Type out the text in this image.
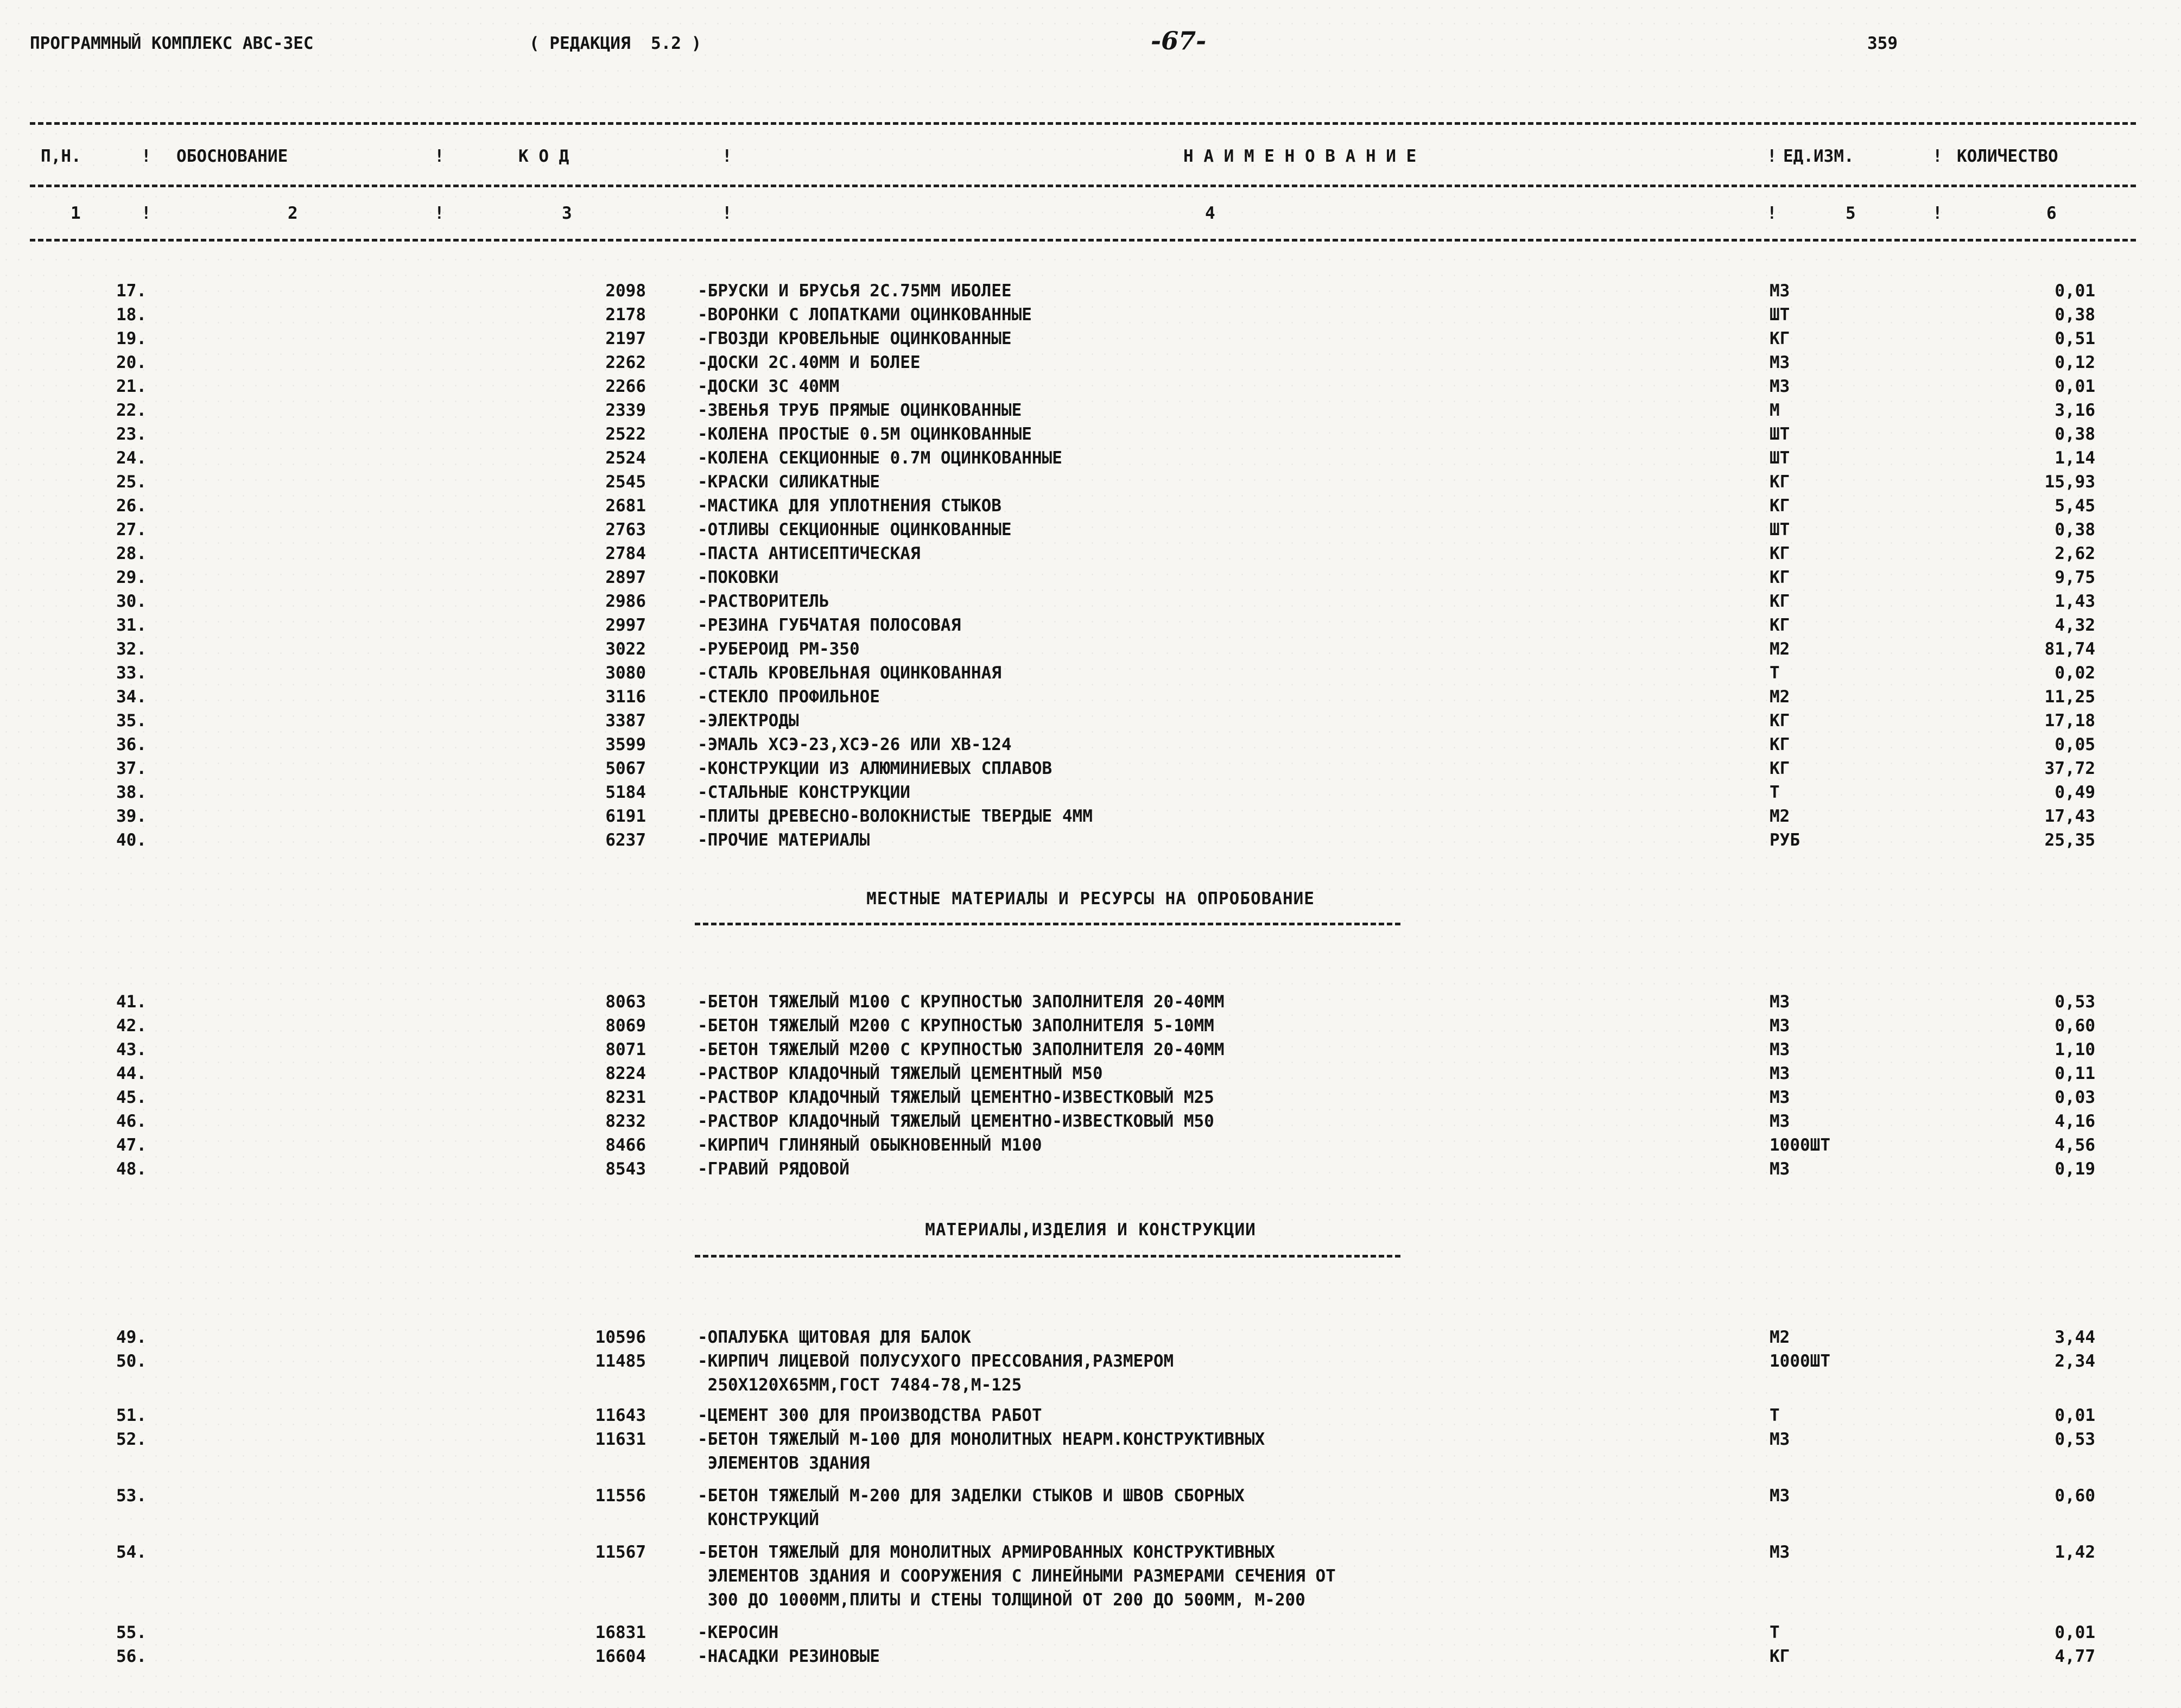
ПРОГРАММНЫЙ КОМПЛЕКС АВС-ЗЕС	( РЕДАКЦИЯ  5.2 )	-67-	359
П,Н.	! ОБОСНОВАНИЕ	!	К О Д	!	Н А И М Е Н О В А Н И Е	! ЕД.ИЗМ.	! КОЛИЧЕСТВО
1	!	2	!	3	!	4	!	5	!	6
17.	2098	-БРУСКИ И БРУСЬЯ 2С.75ММ ИБОЛЕЕ	М3	0,01
18.	2178	-ВОРОНКИ С ЛОПАТКАМИ ОЦИНКОВАННЫЕ	ШТ	0,38
19.	2197	-ГВОЗДИ КРОВЕЛЬНЫЕ ОЦИНКОВАННЫЕ	КГ	0,51
20.	2262	-ДОСКИ 2С.40ММ И БОЛЕЕ	М3	0,12
21.	2266	-ДОСКИ 3С 40ММ	М3	0,01
22.	2339	-ЗВЕНЬЯ ТРУБ ПРЯМЫЕ ОЦИНКОВАННЫЕ	М	3,16
23.	2522	-КОЛЕНА ПРОСТЫЕ 0.5М ОЦИНКОВАННЫЕ	ШТ	0,38
24.	2524	-КОЛЕНА СЕКЦИОННЫЕ 0.7М ОЦИНКОВАННЫЕ	ШТ	1,14
25.	2545	-КРАСКИ СИЛИКАТНЫЕ	КГ	15,93
26.	2681	-МАСТИКА ДЛЯ УПЛОТНЕНИЯ СТЫКОВ	КГ	5,45
27.	2763	-ОТЛИВЫ СЕКЦИОННЫЕ ОЦИНКОВАННЫЕ	ШТ	0,38
28.	2784	-ПАСТА АНТИСЕПТИЧЕСКАЯ	КГ	2,62
29.	2897	-ПОКОВКИ	КГ	9,75
30.	2986	-РАСТВОРИТЕЛЬ	КГ	1,43
31.	2997	-РЕЗИНА ГУБЧАТАЯ ПОЛОСОВАЯ	КГ	4,32
32.	3022	-РУБЕРОИД РМ-350	М2	81,74
33.	3080	-СТАЛЬ КРОВЕЛЬНАЯ ОЦИНКОВАННАЯ	Т	0,02
34.	3116	-СТЕКЛО ПРОФИЛЬНОЕ	М2	11,25
35.	3387	-ЭЛЕКТРОДЫ	КГ	17,18
36.	3599	-ЭМАЛЬ ХСЭ-23,ХСЭ-26 ИЛИ ХВ-124	КГ	0,05
37.	5067	-КОНСТРУКЦИИ ИЗ АЛЮМИНИЕВЫХ СПЛАВОВ	КГ	37,72
38.	5184	-СТАЛЬНЫЕ КОНСТРУКЦИИ	Т	0,49
39.	6191	-ПЛИТЫ ДРЕВЕСНО-ВОЛОКНИСТЫЕ ТВЕРДЫЕ 4ММ	М2	17,43
40.	6237	-ПРОЧИЕ МАТЕРИАЛЫ	РУБ	25,35
МЕСТНЫЕ МАТЕРИАЛЫ И РЕСУРСЫ НА ОПРОБОВАНИЕ
41.	8063	-БЕТОН ТЯЖЕЛЫЙ М100 С КРУПНОСТЬЮ ЗАПОЛНИТЕЛЯ 20-40ММ	М3	0,53
42.	8069	-БЕТОН ТЯЖЕЛЫЙ М200 С КРУПНОСТЬЮ ЗАПОЛНИТЕЛЯ 5-10ММ	М3	0,60
43.	8071	-БЕТОН ТЯЖЕЛЫЙ М200 С КРУПНОСТЬЮ ЗАПОЛНИТЕЛЯ 20-40ММ	М3	1,10
44.	8224	-РАСТВОР КЛАДОЧНЫЙ ТЯЖЕЛЫЙ ЦЕМЕНТНЫЙ М50	М3	0,11
45.	8231	-РАСТВОР КЛАДОЧНЫЙ ТЯЖЕЛЫЙ ЦЕМЕНТНО-ИЗВЕСТКОВЫЙ М25	М3	0,03
46.	8232	-РАСТВОР КЛАДОЧНЫЙ ТЯЖЕЛЫЙ ЦЕМЕНТНО-ИЗВЕСТКОВЫЙ М50	М3	4,16
47.	8466	-КИРПИЧ ГЛИНЯНЫЙ ОБЫКНОВЕННЫЙ М100	1000ШТ	4,56
48.	8543	-ГРАВИЙ РЯДОВОЙ	М3	0,19
МАТЕРИАЛЫ,ИЗДЕЛИЯ И КОНСТРУКЦИИ
49.	10596	-ОПАЛУБКА ЩИТОВАЯ ДЛЯ БАЛОК	М2	3,44
50.	11485	-КИРПИЧ ЛИЦЕВОЙ ПОЛУСУХОГО ПРЕССОВАНИЯ,РАЗМЕРОМ	1000ШТ	2,34
250Х120Х65ММ,ГОСТ 7484-78,М-125
51.	11643	-ЦЕМЕНТ 300 ДЛЯ ПРОИЗВОДСТВА РАБОТ	Т	0,01
52.	11631	-БЕТОН ТЯЖЕЛЫЙ М-100 ДЛЯ МОНОЛИТНЫХ НЕАРМ.КОНСТРУКТИВНЫХ	М3	0,53
ЭЛЕМЕНТОВ ЗДАНИЯ
53.	11556	-БЕТОН ТЯЖЕЛЫЙ М-200 ДЛЯ ЗАДЕЛКИ СТЫКОВ И ШВОВ СБОРНЫХ	М3	0,60
КОНСТРУКЦИЙ
54.	11567	-БЕТОН ТЯЖЕЛЫЙ ДЛЯ МОНОЛИТНЫХ АРМИРОВАННЫХ КОНСТРУКТИВНЫХ	М3	1,42
ЭЛЕМЕНТОВ ЗДАНИЯ И СООРУЖЕНИЯ С ЛИНЕЙНЫМИ РАЗМЕРАМИ СЕЧЕНИЯ ОТ
300 ДО 1000ММ,ПЛИТЫ И СТЕНЫ ТОЛЩИНОЙ ОТ 200 ДО 500ММ, М-200
55.	16831	-КЕРОСИН	Т	0,01
56.	16604	-НАСАДКИ РЕЗИНОВЫЕ	КГ	4,77
